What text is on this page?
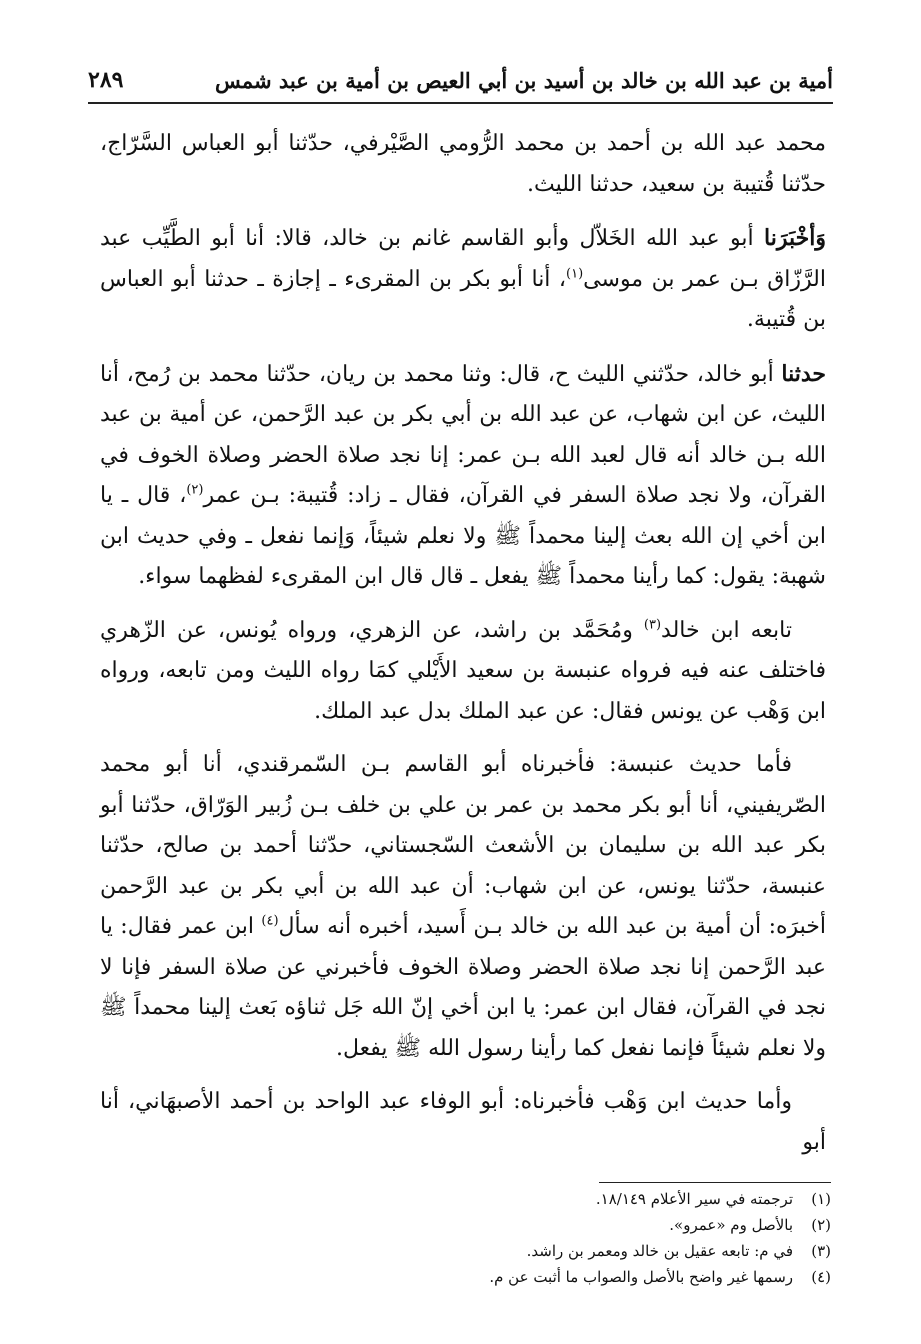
أمية بن عبد الله بن خالد بن أسيد بن أبي العيص بن أمية بن عبد شمس
٢٨٩

محمد عبد الله بن أحمد بن محمد الرُّومي الصَّيْرفي، حدّثنا أبو العباس السَّرّاج، حدّثنا قُتيبة بن سعيد، حدثنا الليث.

وَأخْبَرَنا أبو عبد الله الخَلاّل وأبو القاسم غانم بن خالد، قالا: أنا أبو الطَّيِّب عبد الرَّزّاق بـن عمر بن موسى$^{(١)}$، أنا أبو بكر بن المقرىء ـ إجازة ـ حدثنا أبو العباس بن قُتيبة.

حدثنا أبو خالد، حدّثني الليث ح، قال: وثنا محمد بن ريان، حدّثنا محمد بن رُمح، أنا الليث، عن ابن شهاب، عن عبد الله بن أبي بكر بن عبد الرَّحمن، عن أمية بن عبد الله بـن خالد أنه قال لعبد الله بـن عمر: إنا نجد صلاة الحضر وصلاة الخوف في القرآن، ولا نجد صلاة السفر في القرآن، فقال ـ زاد: قُتيبة: بـن عمر$^{(٢)}$، قال ـ يا ابن أخي إن الله بعث إلينا محمداً ﷺ ولا نعلم شيئاً، وَإنما نفعل ـ وفي حديث ابن شهبة: يقول: كما رأينا محمداً ﷺ يفعل ـ قال قال ابن المقرىء لفظهما سواء.

تابعه ابن خالد$^{(٣)}$ ومُحَمَّد بن راشد، عن الزهري، ورواه يُونس، عن الزّهري فاختلف عنه فيه فرواه عنبسة بن سعيد الأَيْلي كمَا رواه الليث ومن تابعه، ورواه ابن وَهْب عن يونس فقال: عن عبد الملك بدل عبد الملك.

فأما حديث عنبسة: فأخبرناه أبو القاسم بـن السّمرقندي، أنا أبو محمد الصّريفيني، أنا أبو بكر محمد بن عمر بن علي بن خلف بـن زُبير الوَرّاق، حدّثنا أبو بكر عبد الله بن سليمان بن الأشعث السّجستاني، حدّثنا أحمد بن صالح، حدّثنا عنبسة، حدّثنا يونس، عن ابن شهاب: أن عبد الله بن أبي بكر بن عبد الرَّحمن أخبرَه: أن أمية بن عبد الله بن خالد بـن أَسيد، أخبره أنه سأل$^{(٤)}$ ابن عمر فقال: يا عبد الرَّحمن إنا نجد صلاة الحضر وصلاة الخوف فأخبرني عن صلاة السفر فإنا لا نجد في القرآن، فقال ابن عمر: يا ابن أخي إنّ الله جَل ثناؤه بَعث إلينا محمداً ﷺ ولا نعلم شيئاً فإنما نفعل كما رأينا رسول الله ﷺ يفعل.

وأما حديث ابن وَهْب فأخبرناه: أبو الوفاء عبد الواحد بن أحمد الأصبهَاني، أنا أبو

(١)
ترجمته في سير الأعلام ١٨/١٤٩.
(٢)
بالأصل وم «عمرو».
(٣)
في م: تابعه عقيل بن خالد ومعمر بن راشد.
(٤)
رسمها غير واضح بالأصل والصواب ما أثبت عن م.
